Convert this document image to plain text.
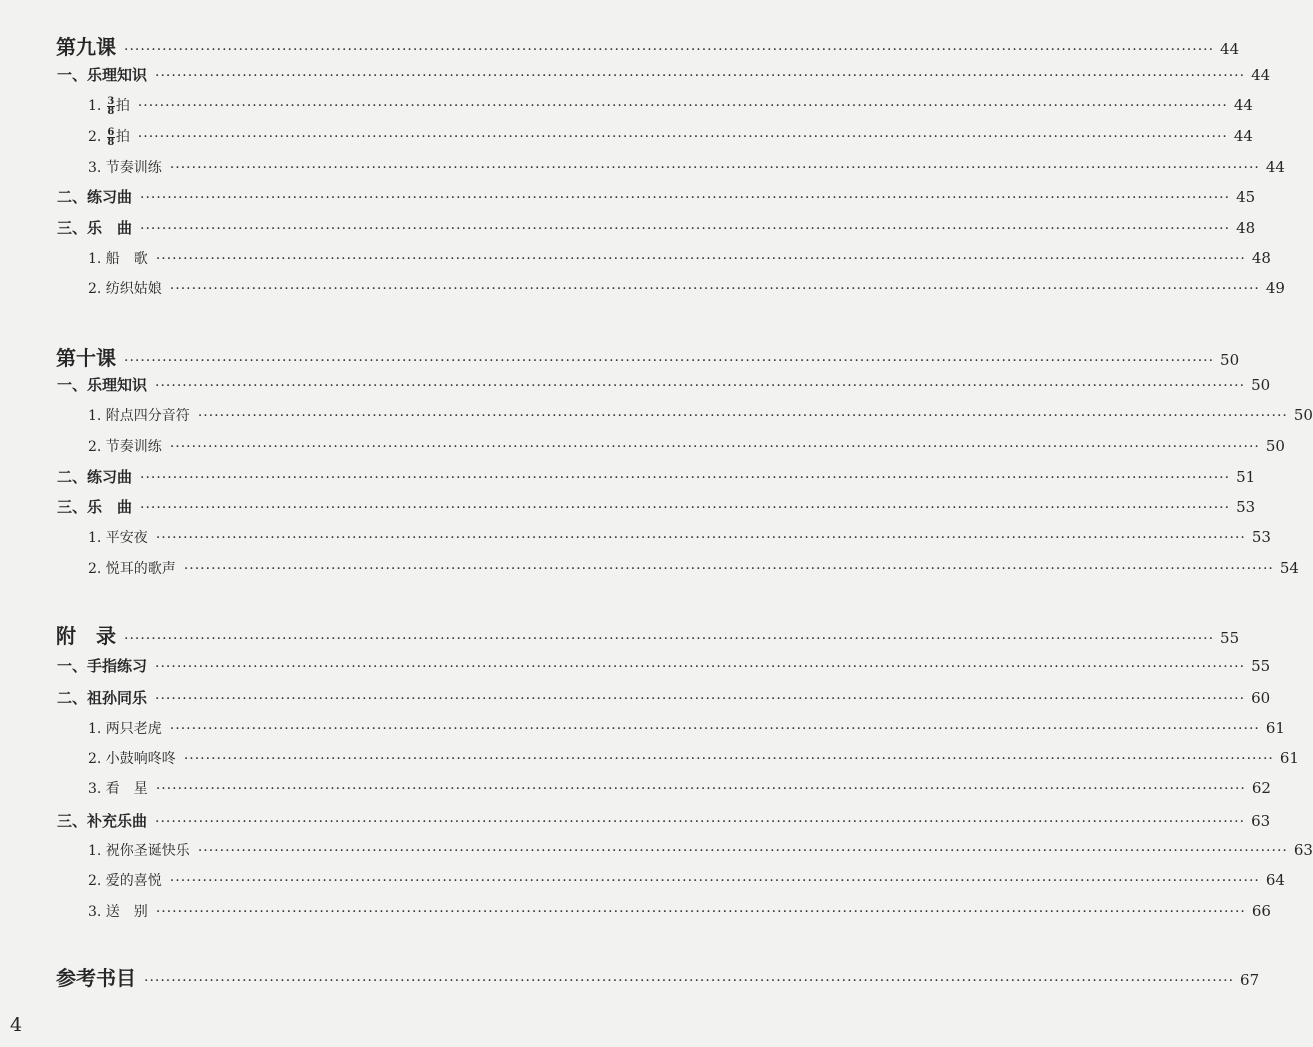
第九课 ········································································································································································································ 44
一、乐理知识 ········································································································································································································ 44
1. $\frac{3}{8}$ 拍 ········································································································································································································ 44
2. $\frac{6}{8}$ 拍 ········································································································································································································ 44
3. 节奏训练 ········································································································································································································ 44
二、练习曲 ········································································································································································································ 45
三、乐　曲 ········································································································································································································ 48
1. 船　歌 ········································································································································································································ 48
2. 纺织姑娘 ········································································································································································································ 49
第十课 ········································································································································································································ 50
一、乐理知识 ········································································································································································································ 50
1. 附点四分音符 ········································································································································································································ 50
2. 节奏训练 ········································································································································································································ 50
二、练习曲 ········································································································································································································ 51
三、乐　曲 ········································································································································································································ 53
1. 平安夜 ········································································································································································································ 53
2. 悦耳的歌声 ········································································································································································································ 54
附　录 ········································································································································································································ 55
一、手指练习 ········································································································································································································ 55
二、祖孙同乐 ········································································································································································································ 60
1. 两只老虎 ········································································································································································································ 61
2. 小鼓响咚咚 ········································································································································································································ 61
3. 看　星 ········································································································································································································ 62
三、补充乐曲 ········································································································································································································ 63
1. 祝你圣诞快乐 ········································································································································································································ 63
2. 爱的喜悦 ········································································································································································································ 64
3. 送　别 ········································································································································································································ 66
参考书目 ········································································································································································································ 67
4
